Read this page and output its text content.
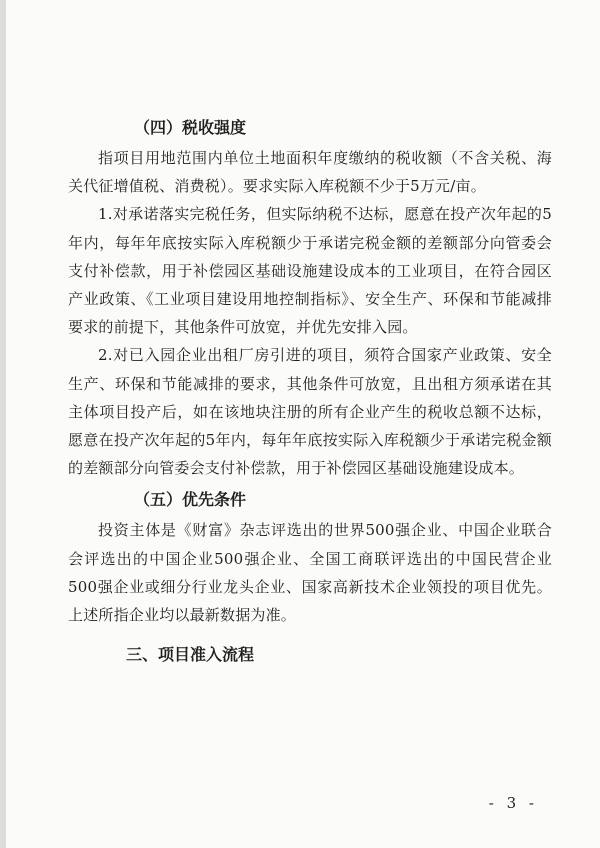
（四）税收强度

指项目用地范围内单位土地面积年度缴纳的税收额（不含关税、海关代征增值税、消费税）。要求实际入库税额不少于5万元/亩。

1.对承诺落实完税任务，但实际纳税不达标，愿意在投产次年起的5年内，每年年底按实际入库税额少于承诺完税金额的差额部分向管委会支付补偿款，用于补偿园区基础设施建设成本的工业项目，在符合园区产业政策、《工业项目建设用地控制指标》、安全生产、环保和节能减排要求的前提下，其他条件可放宽，并优先安排入园。

2.对已入园企业出租厂房引进的项目，须符合国家产业政策、安全生产、环保和节能减排的要求，其他条件可放宽，且出租方须承诺在其主体项目投产后，如在该地块注册的所有企业产生的税收总额不达标，愿意在投产次年起的5年内，每年年底按实际入库税额少于承诺完税金额的差额部分向管委会支付补偿款，用于补偿园区基础设施建设成本。

（五）优先条件

投资主体是《财富》杂志评选出的世界500强企业、中国企业联合会评选出的中国企业500强企业、全国工商联评选出的中国民营企业500强企业或细分行业龙头企业、国家高新技术企业领投的项目优先。上述所指企业均以最新数据为准。

三、项目准入流程
- 3 -
